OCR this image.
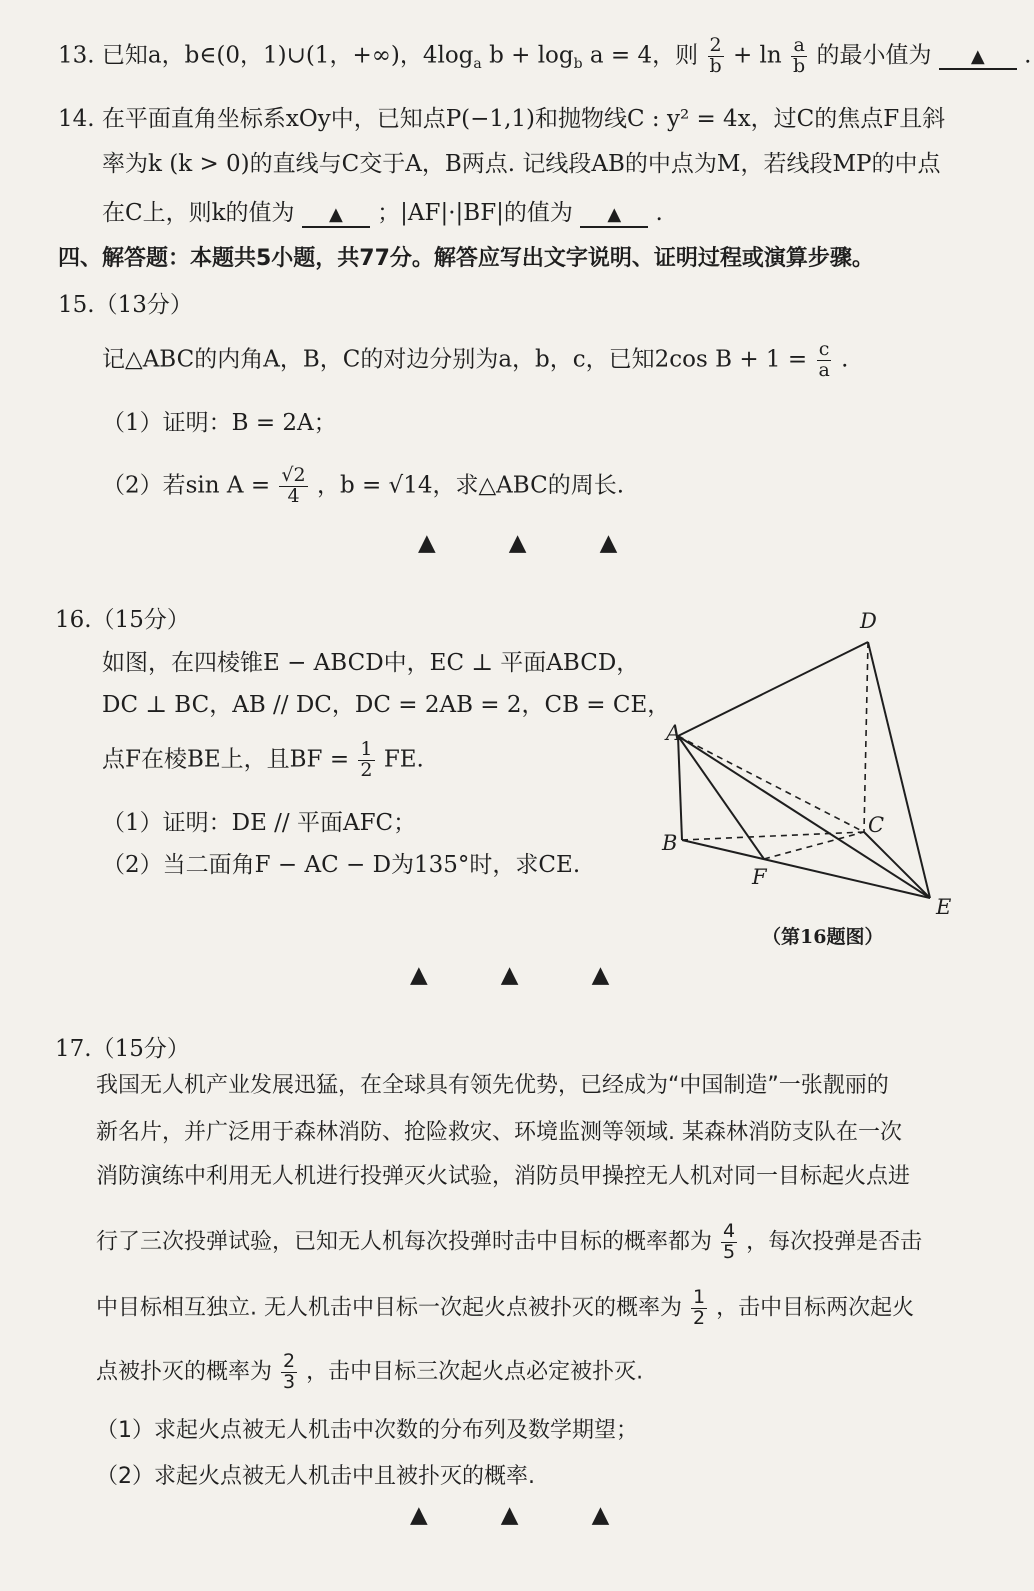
13. 已知a，b∈(0，1)∪(1，+∞)，$4\log_a$ $b + \log_b a = 4$，则 $\frac{2}{b} + \ln \frac{a}{b}$ 的最小值为 ▲ .
14. 在平面直角坐标系xOy中，已知点P(−1,1)和抛物线C : y² = 4x，过C的焦点F且斜
率为k (k > 0)的直线与C交于A，B两点. 记线段AB的中点为M，若线段MP的中点
在C上，则k的值为 ▲ ；|AF|·|BF|的值为 ▲ .
四、解答题：本题共5小题，共77分。解答应写出文字说明、证明过程或演算步骤。
15.（13分）
记△ABC的内角A，B，C的对边分别为a，b，c，已知2cos $B + 1 = \frac{c}{a}$ .
（1）证明：B = 2A；
（2）若$\sin A = \frac{√2}{4}$ ，b = √14，求△ABC的周长.
▲          ▲          ▲
16.（15分）
如图，在四棱锥E − ABCD中，EC ⊥ 平面ABCD，
DC ⊥ BC，AB // DC，DC = 2AB = 2，CB = CE，
点F在棱BE上，且BF = $\frac{1}{2}$ FE.
（1）证明：DE // 平面AFC；
（2）当二面角F − AC − D为135°时，求CE.
D
A
B
C
F
E
（第16题图）
▲          ▲          ▲
17.（15分）
我国无人机产业发展迅猛，在全球具有领先优势，已经成为“中国制造”一张靓丽的
新名片，并广泛用于森林消防、抢险救灾、环境监测等领域. 某森林消防支队在一次
消防演练中利用无人机进行投弹灭火试验，消防员甲操控无人机对同一目标起火点进
行了三次投弹试验，已知无人机每次投弹时击中目标的概率都为 $\frac{4}{5}$ ，每次投弹是否击
中目标相互独立. 无人机击中目标一次起火点被扑灭的概率为 $\frac{1}{2}$ ，击中目标两次起火
点被扑灭的概率为 $\frac{2}{3}$ ，击中目标三次起火点必定被扑灭.
（1）求起火点被无人机击中次数的分布列及数学期望；
（2）求起火点被无人机击中且被扑灭的概率.
▲          ▲          ▲
